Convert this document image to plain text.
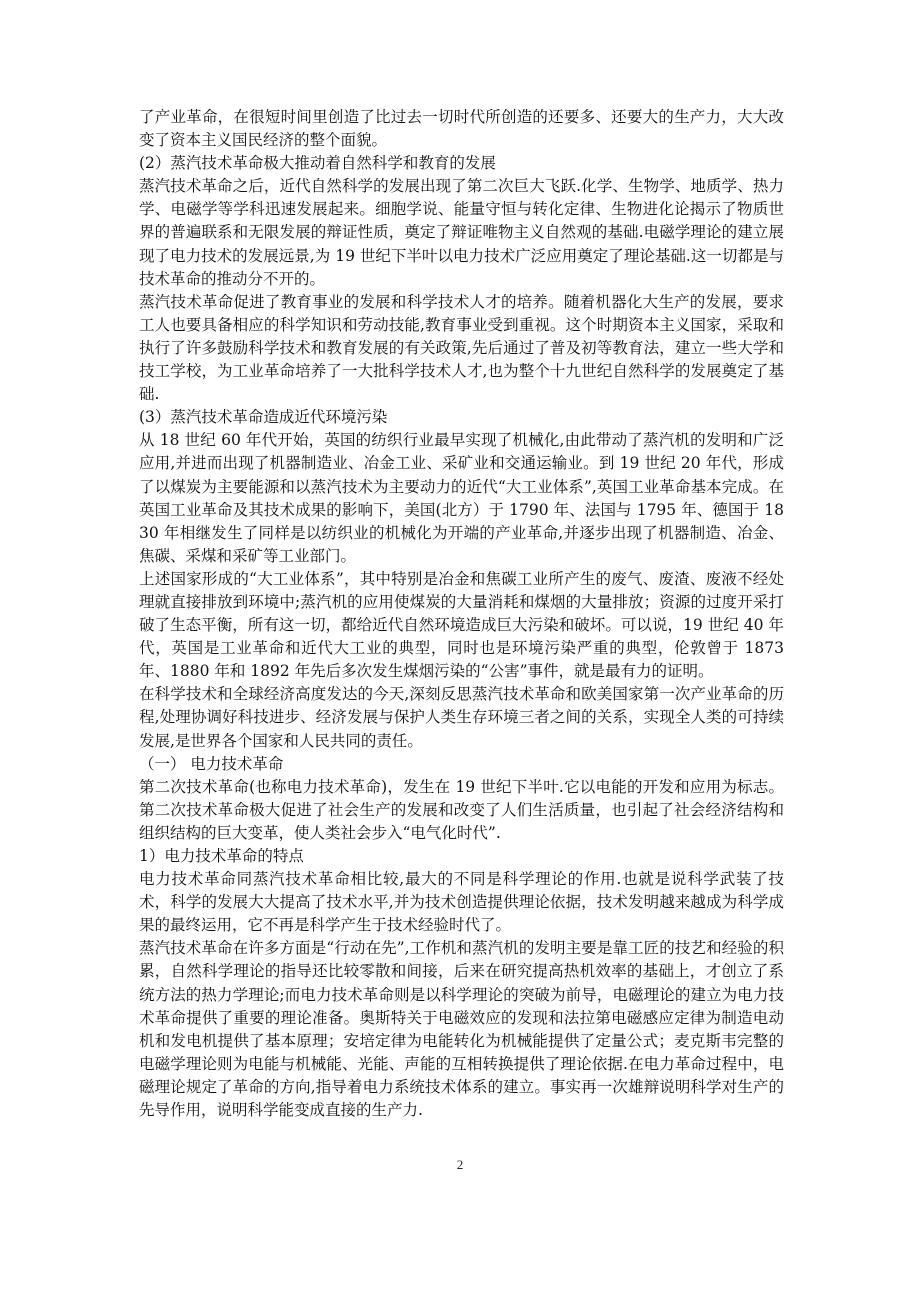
了产业革命，在很短时间里创造了比过去一切时代所创造的还要多、还要大的生产力，大大改变了资本主义国民经济的整个面貌。

(2）蒸汽技术革命极大推动着自然科学和教育的发展

蒸汽技术革命之后，近代自然科学的发展出现了第二次巨大飞跃.化学、生物学、地质学、热力学、电磁学等学科迅速发展起来。细胞学说、能量守恒与转化定律、生物进化论揭示了物质世界的普遍联系和无限发展的辩证性质，奠定了辩证唯物主义自然观的基础.电磁学理论的建立展现了电力技术的发展远景,为 19 世纪下半叶以电力技术广泛应用奠定了理论基础.这一切都是与技术革命的推动分不开的。

蒸汽技术革命促进了教育事业的发展和科学技术人才的培养。随着机器化大生产的发展，要求工人也要具备相应的科学知识和劳动技能,教育事业受到重视。这个时期资本主义国家，采取和执行了许多鼓励科学技术和教育发展的有关政策,先后通过了普及初等教育法，建立一些大学和技工学校，为工业革命培养了一大批科学技术人才,也为整个十九世纪自然科学的发展奠定了基础.

(3）蒸汽技术革命造成近代环境污染

从 18 世纪 60 年代开始，英国的纺织行业最早实现了机械化,由此带动了蒸汽机的发明和广泛应用,并进而出现了机器制造业、冶金工业、采矿业和交通运输业。到 19 世纪 20 年代，形成了以煤炭为主要能源和以蒸汽技术为主要动力的近代“大工业体系”,英国工业革命基本完成。在英国工业革命及其技术成果的影响下，美国(北方）于 1790 年、法国与 1795 年、德国于 1830 年相继发生了同样是以纺织业的机械化为开端的产业革命,并逐步出现了机器制造、冶金、焦碳、采煤和采矿等工业部门。

上述国家形成的“大工业体系”，其中特别是冶金和焦碳工业所产生的废气、废渣、废液不经处理就直接排放到环境中;蒸汽机的应用使煤炭的大量消耗和煤烟的大量排放；资源的过度开采打破了生态平衡，所有这一切，都给近代自然环境造成巨大污染和破坏。可以说，19 世纪 40 年代，英国是工业革命和近代大工业的典型，同时也是环境污染严重的典型，伦敦曾于 1873 年、1880 年和 1892 年先后多次发生煤烟污染的“公害”事件，就是最有力的证明。

在科学技术和全球经济高度发达的今天,深刻反思蒸汽技术革命和欧美国家第一次产业革命的历程,处理协调好科技进步、经济发展与保护人类生存环境三者之间的关系，实现全人类的可持续发展,是世界各个国家和人民共同的责任。

（一） 电力技术革命

第二次技术革命(也称电力技术革命)，发生在 19 世纪下半叶.它以电能的开发和应用为标志。第二次技术革命极大促进了社会生产的发展和改变了人们生活质量，也引起了社会经济结构和组织结构的巨大变革，使人类社会步入“电气化时代”.

1）电力技术革命的特点

电力技术革命同蒸汽技术革命相比较,最大的不同是科学理论的作用.也就是说科学武装了技术，科学的发展大大提高了技术水平,并为技术创造提供理论依据，技术发明越来越成为科学成果的最终运用，它不再是科学产生于技术经验时代了。

蒸汽技术革命在许多方面是“行动在先”,工作机和蒸汽机的发明主要是靠工匠的技艺和经验的积累，自然科学理论的指导还比较零散和间接，后来在研究提高热机效率的基础上，才创立了系统方法的热力学理论;而电力技术革命则是以科学理论的突破为前导，电磁理论的建立为电力技术革命提供了重要的理论准备。奥斯特关于电磁效应的发现和法拉第电磁感应定律为制造电动机和发电机提供了基本原理；安培定律为电能转化为机械能提供了定量公式；麦克斯韦完整的电磁学理论则为电能与机械能、光能、声能的互相转换提供了理论依据.在电力革命过程中，电磁理论规定了革命的方向,指导着电力系统技术体系的建立。事实再一次雄辩说明科学对生产的先导作用，说明科学能变成直接的生产力.

2
